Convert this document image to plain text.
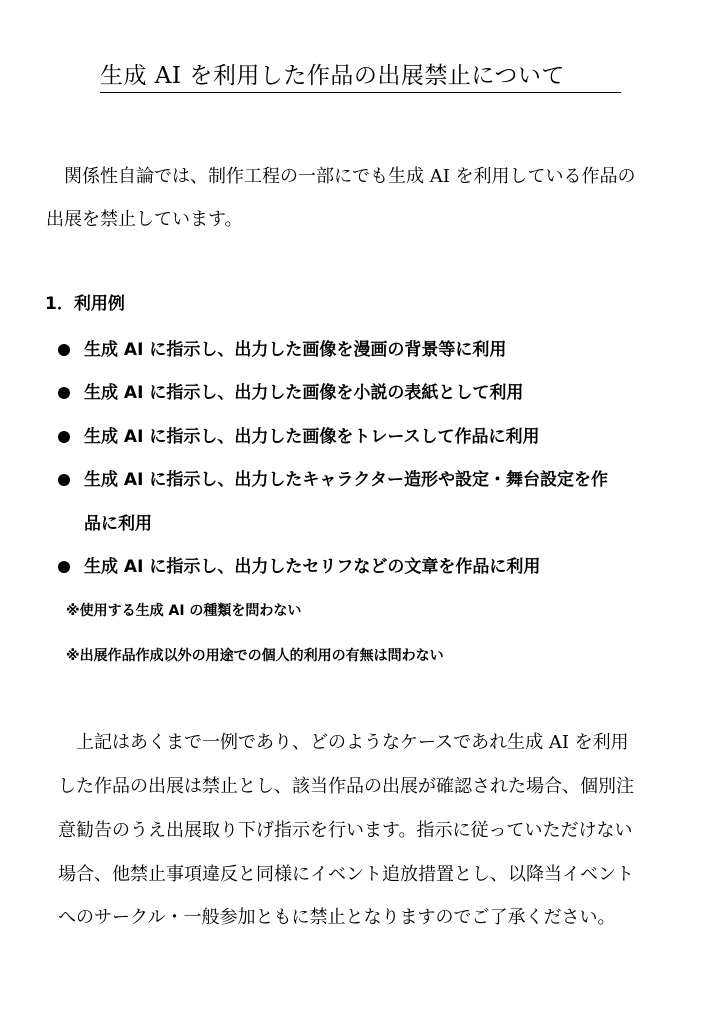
生成 AI を利用した作品の出展禁止について
　関係性自論では、制作工程の一部にでも生成 AI を利用している作品の
出展を禁止しています。
1．利用例
生成 AI に指示し、出力した画像を漫画の背景等に利用
生成 AI に指示し、出力した画像を小説の表紙として利用
生成 AI に指示し、出力した画像をトレースして作品に利用
生成 AI に指示し、出力したキャラクター造形や設定・舞台設定を作
品に利用
生成 AI に指示し、出力したセリフなどの文章を作品に利用
※使用する生成 AI の種類を問わない
※出展作品作成以外の用途での個人的利用の有無は問わない
　上記はあくまで一例であり、どのようなケースであれ生成 AI を利用
した作品の出展は禁止とし、該当作品の出展が確認された場合、個別注
意勧告のうえ出展取り下げ指示を行います。指示に従っていただけない
場合、他禁止事項違反と同様にイベント追放措置とし、以降当イベント
へのサークル・一般参加ともに禁止となりますのでご了承ください。
